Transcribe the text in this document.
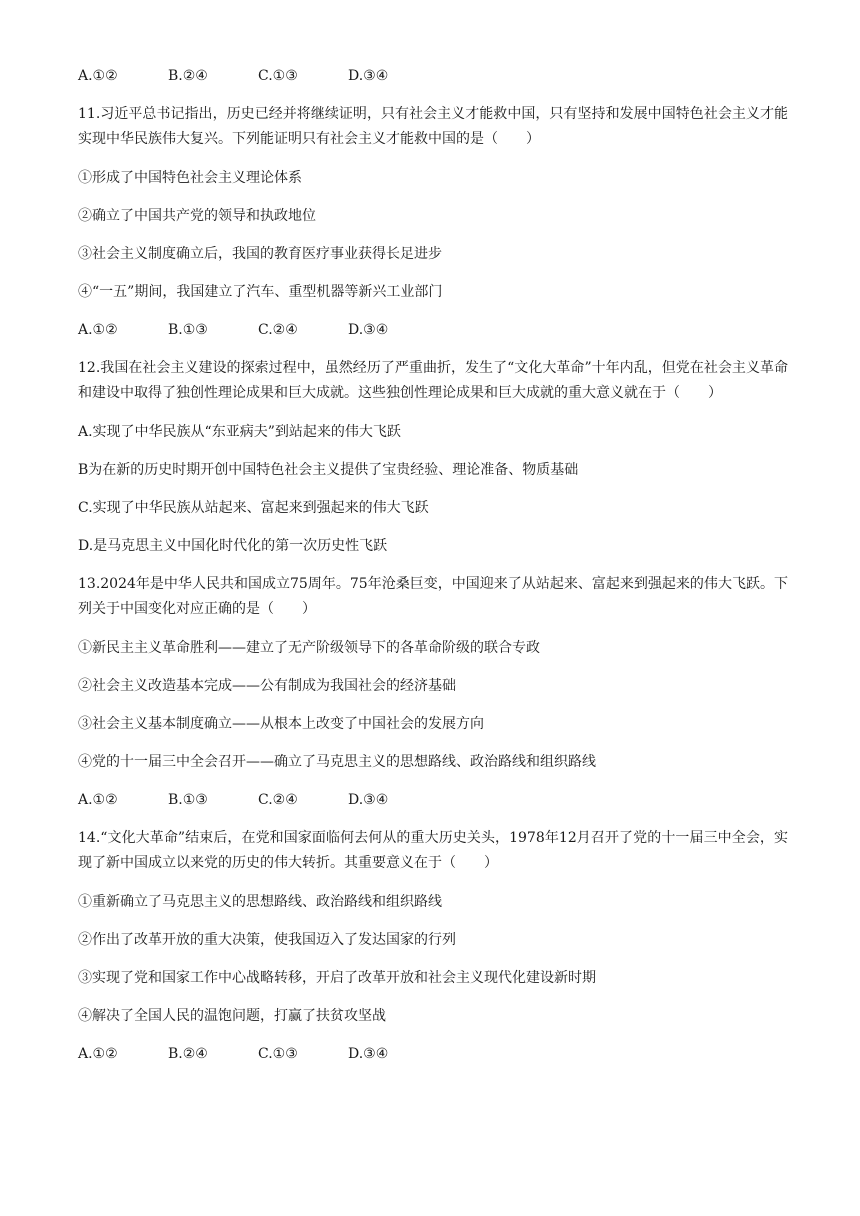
A.①②	B.②④	C.①③	D.③④

11.习近平总书记指出，历史已经并将继续证明，只有社会主义才能救中国，只有坚持和发展中国特色社会主义才能实现中华民族伟大复兴。下列能证明只有社会主义才能救中国的是（　　）

①形成了中国特色社会主义理论体系

②确立了中国共产党的领导和执政地位

③社会主义制度确立后，我国的教育医疗事业获得长足进步

④“一五”期间，我国建立了汽车、重型机器等新兴工业部门

A.①②	B.①③	C.②④	D.③④

12.我国在社会主义建设的探索过程中，虽然经历了严重曲折，发生了“文化大革命”十年内乱，但党在社会主义革命和建设中取得了独创性理论成果和巨大成就。这些独创性理论成果和巨大成就的重大意义就在于（　　）

A.实现了中华民族从“东亚病夫”到站起来的伟大飞跃

B为在新的历史时期开创中国特色社会主义提供了宝贵经验、理论准备、物质基础

C.实现了中华民族从站起来、富起来到强起来的伟大飞跃

D.是马克思主义中国化时代化的第一次历史性飞跃

13.2024年是中华人民共和国成立75周年。75年沧桑巨变，中国迎来了从站起来、富起来到强起来的伟大飞跃。下列关于中国变化对应正确的是（　　）

①新民主主义革命胜利——建立了无产阶级领导下的各革命阶级的联合专政

②社会主义改造基本完成——公有制成为我国社会的经济基础

③社会主义基本制度确立——从根本上改变了中国社会的发展方向

④党的十一届三中全会召开——确立了马克思主义的思想路线、政治路线和组织路线

A.①②	B.①③	C.②④	D.③④

14.“文化大革命”结束后，在党和国家面临何去何从的重大历史关头，1978年12月召开了党的十一届三中全会，实现了新中国成立以来党的历史的伟大转折。其重要意义在于（　　）

①重新确立了马克思主义的思想路线、政治路线和组织路线

②作出了改革开放的重大决策，使我国迈入了发达国家的行列

③实现了党和国家工作中心战略转移，开启了改革开放和社会主义现代化建设新时期

④解决了全国人民的温饱问题，打赢了扶贫攻坚战

A.①②	B.②④	C.①③	D.③④
